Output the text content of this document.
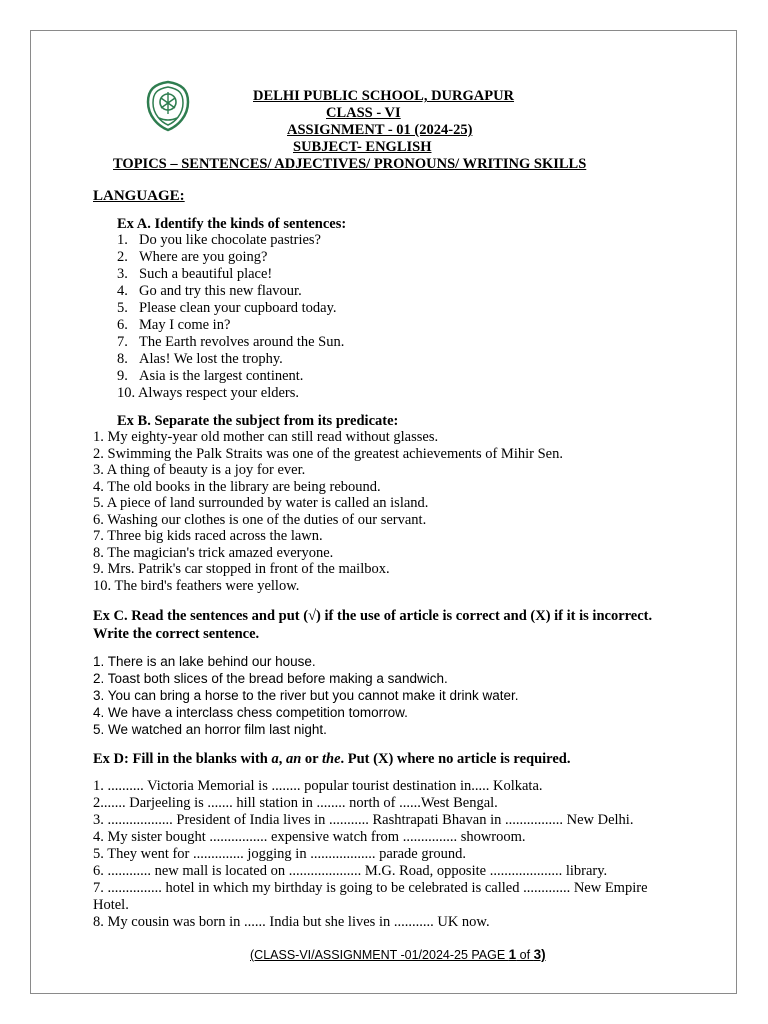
DELHI PUBLIC SCHOOL, DURGAPUR
CLASS - VI
ASSIGNMENT - 01 (2024-25)
SUBJECT- ENGLISH
TOPICS – SENTENCES/ ADJECTIVES/ PRONOUNS/ WRITING SKILLS
LANGUAGE:
Ex A. Identify the kinds of sentences:
1. Do you like chocolate pastries?
2. Where are you going?
3. Such a beautiful place!
4. Go and try this new flavour.
5. Please clean your cupboard today.
6. May I come in?
7. The Earth revolves around the Sun.
8. Alas! We lost the trophy.
9. Asia is the largest continent.
10. Always respect your elders.
Ex B. Separate the subject from its predicate:
1. My eighty-year old mother can still read without glasses.
2. Swimming the Palk Straits was one of the greatest achievements of Mihir Sen.
3. A thing of beauty is a joy for ever.
4. The old books in the library are being rebound.
5. A piece of land surrounded by water is called an island.
6. Washing our clothes is one of the duties of our servant.
7. Three big kids raced across the lawn.
8. The magician's trick amazed everyone.
9. Mrs. Patrik's car stopped in front of the mailbox.
10. The bird's feathers were yellow.
Ex C. Read the sentences and put (√) if the use of article is correct and (X) if it is incorrect.
Write the correct sentence.
1. There is an lake behind our house.
2. Toast both slices of the bread before making a sandwich.
3. You can bring a horse to the river but you cannot make it drink water.
4. We have a interclass chess competition tomorrow.
5. We watched an horror film last night.
Ex D: Fill in the blanks with a, an or the. Put (X) where no article is required.
1. .......... Victoria Memorial is ........ popular tourist destination in..... Kolkata.
2....... Darjeeling is ....... hill station in ........ north of ......West Bengal.
3. .................. President of India lives in ........... Rashtrapati Bhavan in ................ New Delhi.
4. My sister bought ................ expensive watch from ............... showroom.
5. They went for .............. jogging in .................. parade ground.
6. ............ new mall is located on .................... M.G. Road, opposite .................... library.
7. ............... hotel in which my birthday is going to be celebrated is called ............. New Empire
Hotel.
8. My cousin was born in ...... India but she lives in ........... UK now.
(CLASS-VI/ASSIGNMENT -01/2024-25 PAGE 1 of 3)
